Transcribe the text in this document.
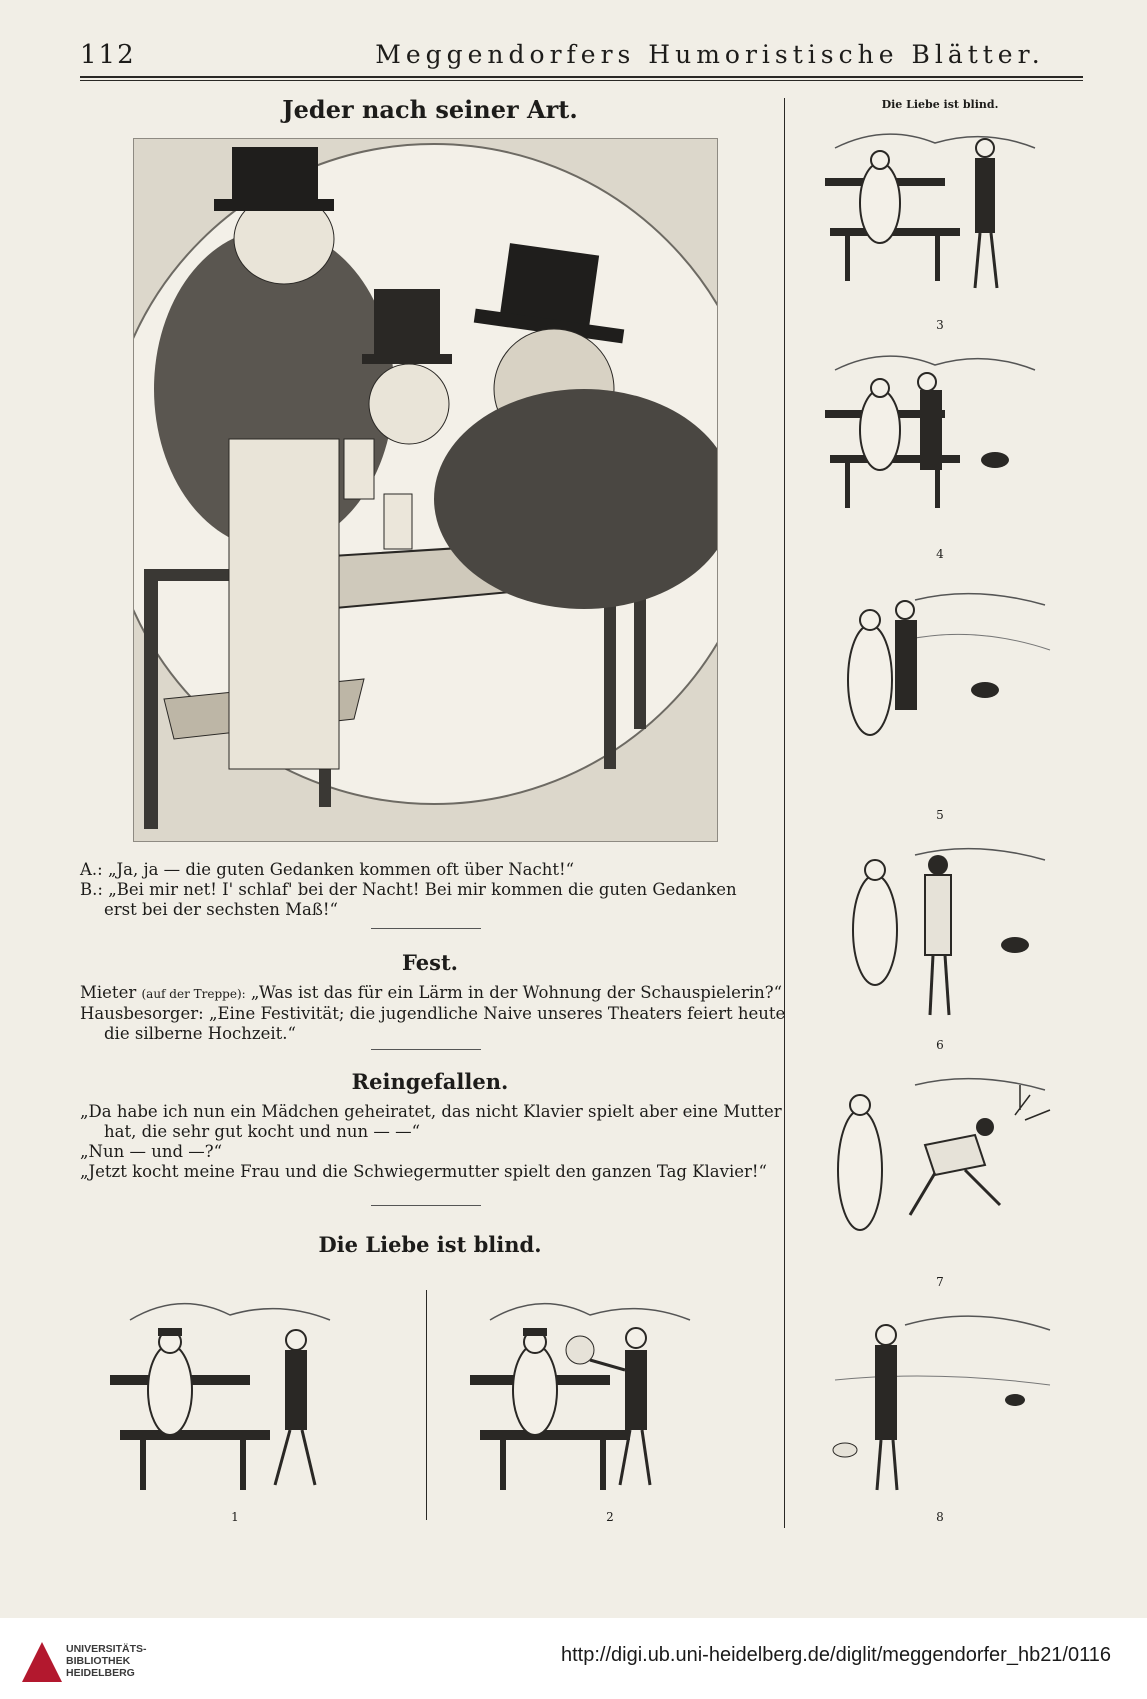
112	Meggendorfers Humoristische Blätter.
Jeder nach seiner Art.
A.: „Ja, ja — die guten Gedanken kommen oft über Nacht!“
B.: „Bei mir net! I' schlaf' bei der Nacht! Bei mir kommen die guten Gedanken
erst bei der sechsten Maß!“
Fest.
Mieter (auf der Treppe): „Was ist das für ein Lärm in der Wohnung der Schauspielerin?“
Hausbesorger: „Eine Festivität; die jugendliche Naive unseres Theaters feiert heute
die silberne Hochzeit.“
Reingefallen.
„Da habe ich nun ein Mädchen geheiratet, das nicht Klavier spielt aber eine Mutter
hat, die sehr gut kocht und nun — —“
„Nun — und —?“
„Jetzt kocht meine Frau und die Schwiegermutter spielt den ganzen Tag Klavier!“
Die Liebe ist blind.
1	2
Die Liebe ist blind.
3
4
5
6
7
8
UNIVERSITÄTS-
BIBLIOTHEK
HEIDELBERG
http://digi.ub.uni-heidelberg.de/diglit/meggendorfer_hb21/0116
